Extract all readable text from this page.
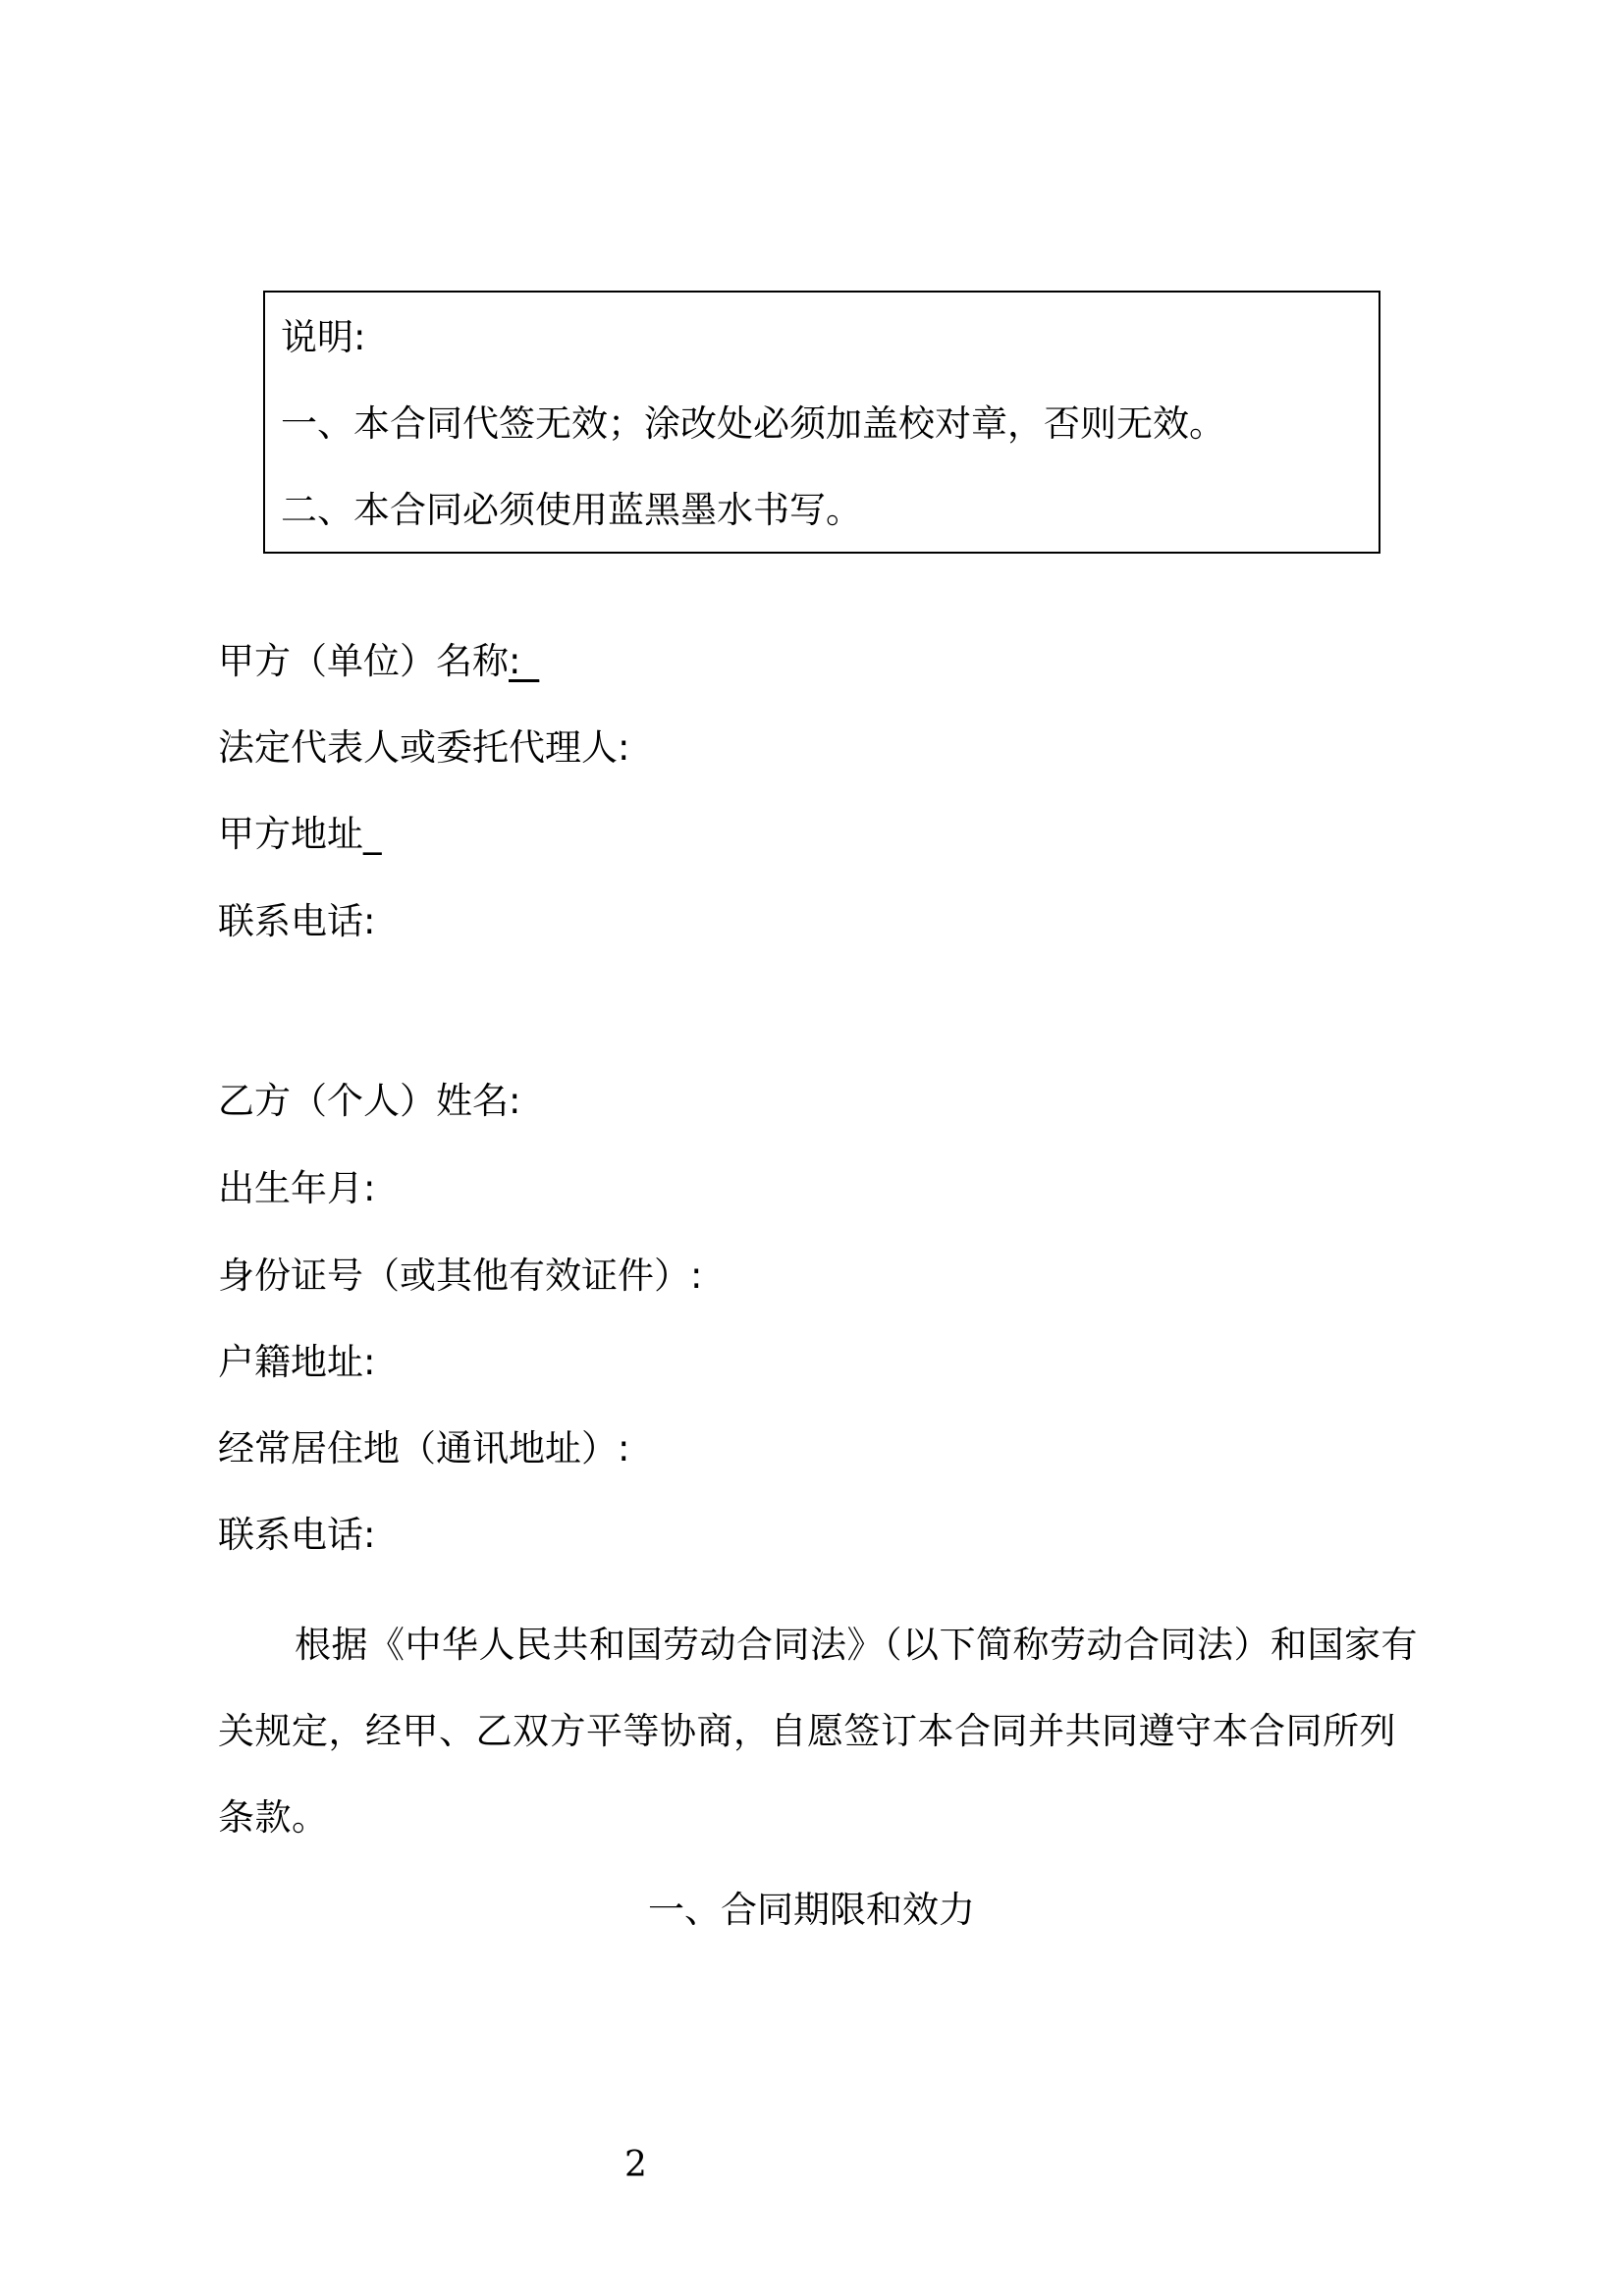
说明:
一、本合同代签无效；涂改处必须加盖校对章，否则无效。
二、本合同必须使用蓝黑墨水书写。
甲方（单位）名称:_
法定代表人或委托代理人:
甲方地址_
联系电话:
乙方（个人）姓名:
出生年月:
身份证号（或其他有效证件）:
户籍地址:
经常居住地（通讯地址）:
联系电话:
根据《中华人民共和国劳动合同法》（以下简称劳动合同法）和国家有关规定，经甲、乙双方平等协商，自愿签订本合同并共同遵守本合同所列条款。
一、合同期限和效力
2
